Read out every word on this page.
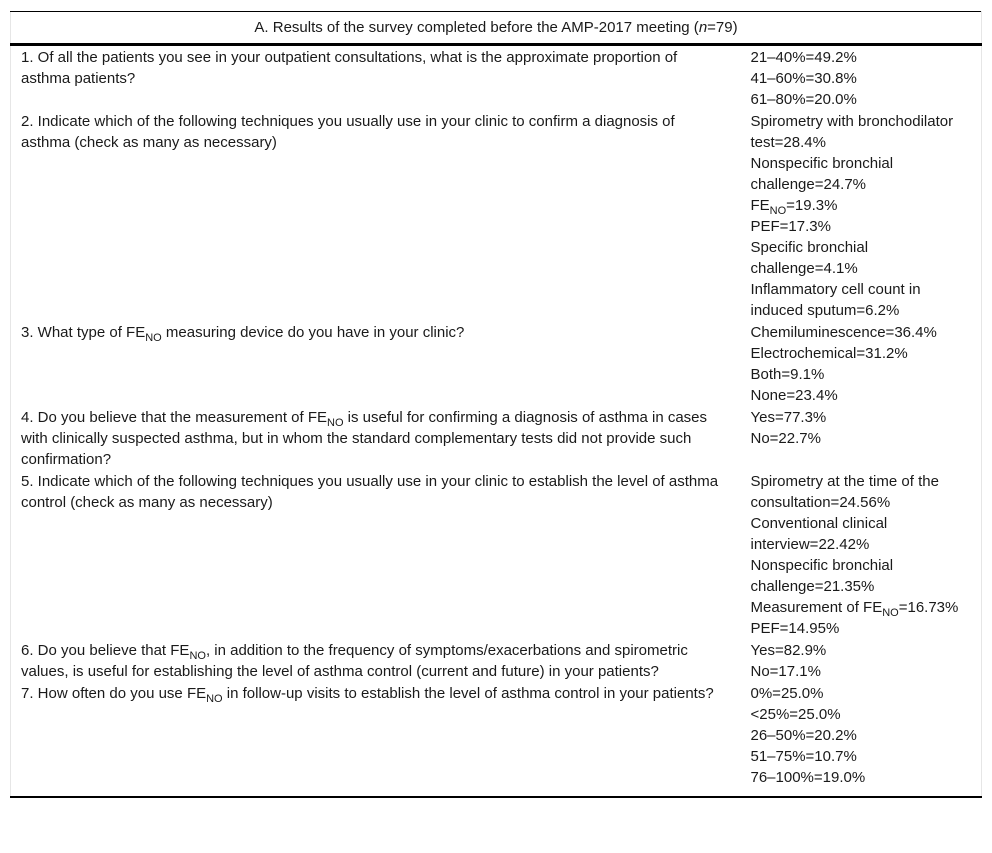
A. Results of the survey completed before the AMP-2017 meeting (n=79)	
1. Of all the patients you see in your outpatient consultations, what is the approximate proportion of asthma patients?	21–40%=49.2%
41–60%=30.8%
61–80%=20.0%

2. Indicate which of the following techniques you usually use in your clinic to confirm a diagnosis of asthma (check as many as necessary)	
Spirometry with bronchodilator test=28.4%
Nonspecific bronchial challenge=24.7%
$FE_{NO}=19.3\%$
PEF=17.3%
Specific bronchial challenge=4.1%
Inflammatory cell count in induced sputum=6.2%

3. What type of $FE_{NO}$ measuring device do you have in your clinic?	Chemiluminescence=36.4%
Electrochemical=31.2%
Both=9.1%
None=23.4%

4. Do you believe that the measurement of $FE_{NO}$ is useful for confirming a diagnosis of asthma in cases with clinically suspected asthma, but in whom the standard complementary tests did not provide such confirmation?	Yes=77.3%
No=22.7%

5. Indicate which of the following techniques you usually use in your clinic to establish the level of asthma control (check as many as necessary)	Spirometry at the time of the consultation=24.56%
Conventional clinical interview=22.42%
Nonspecific bronchial challenge=21.35%
Measurement of $FE_{NO}=16.73\%$
PEF=14.95%

6. Do you believe that $FE_{NO}$, in addition to the frequency of symptoms/exacerbations and spirometric values, is useful for establishing the level of asthma control (current and future) in your patients?	Yes=82.9%
No=17.1%

7. How often do you use $FE_{NO}$ in follow-up visits to establish the level of asthma control in your patients?	0%=25.0%
<25%=25.0%
26–50%=20.2%
51–75%=10.7%
76–100%=19.0%
